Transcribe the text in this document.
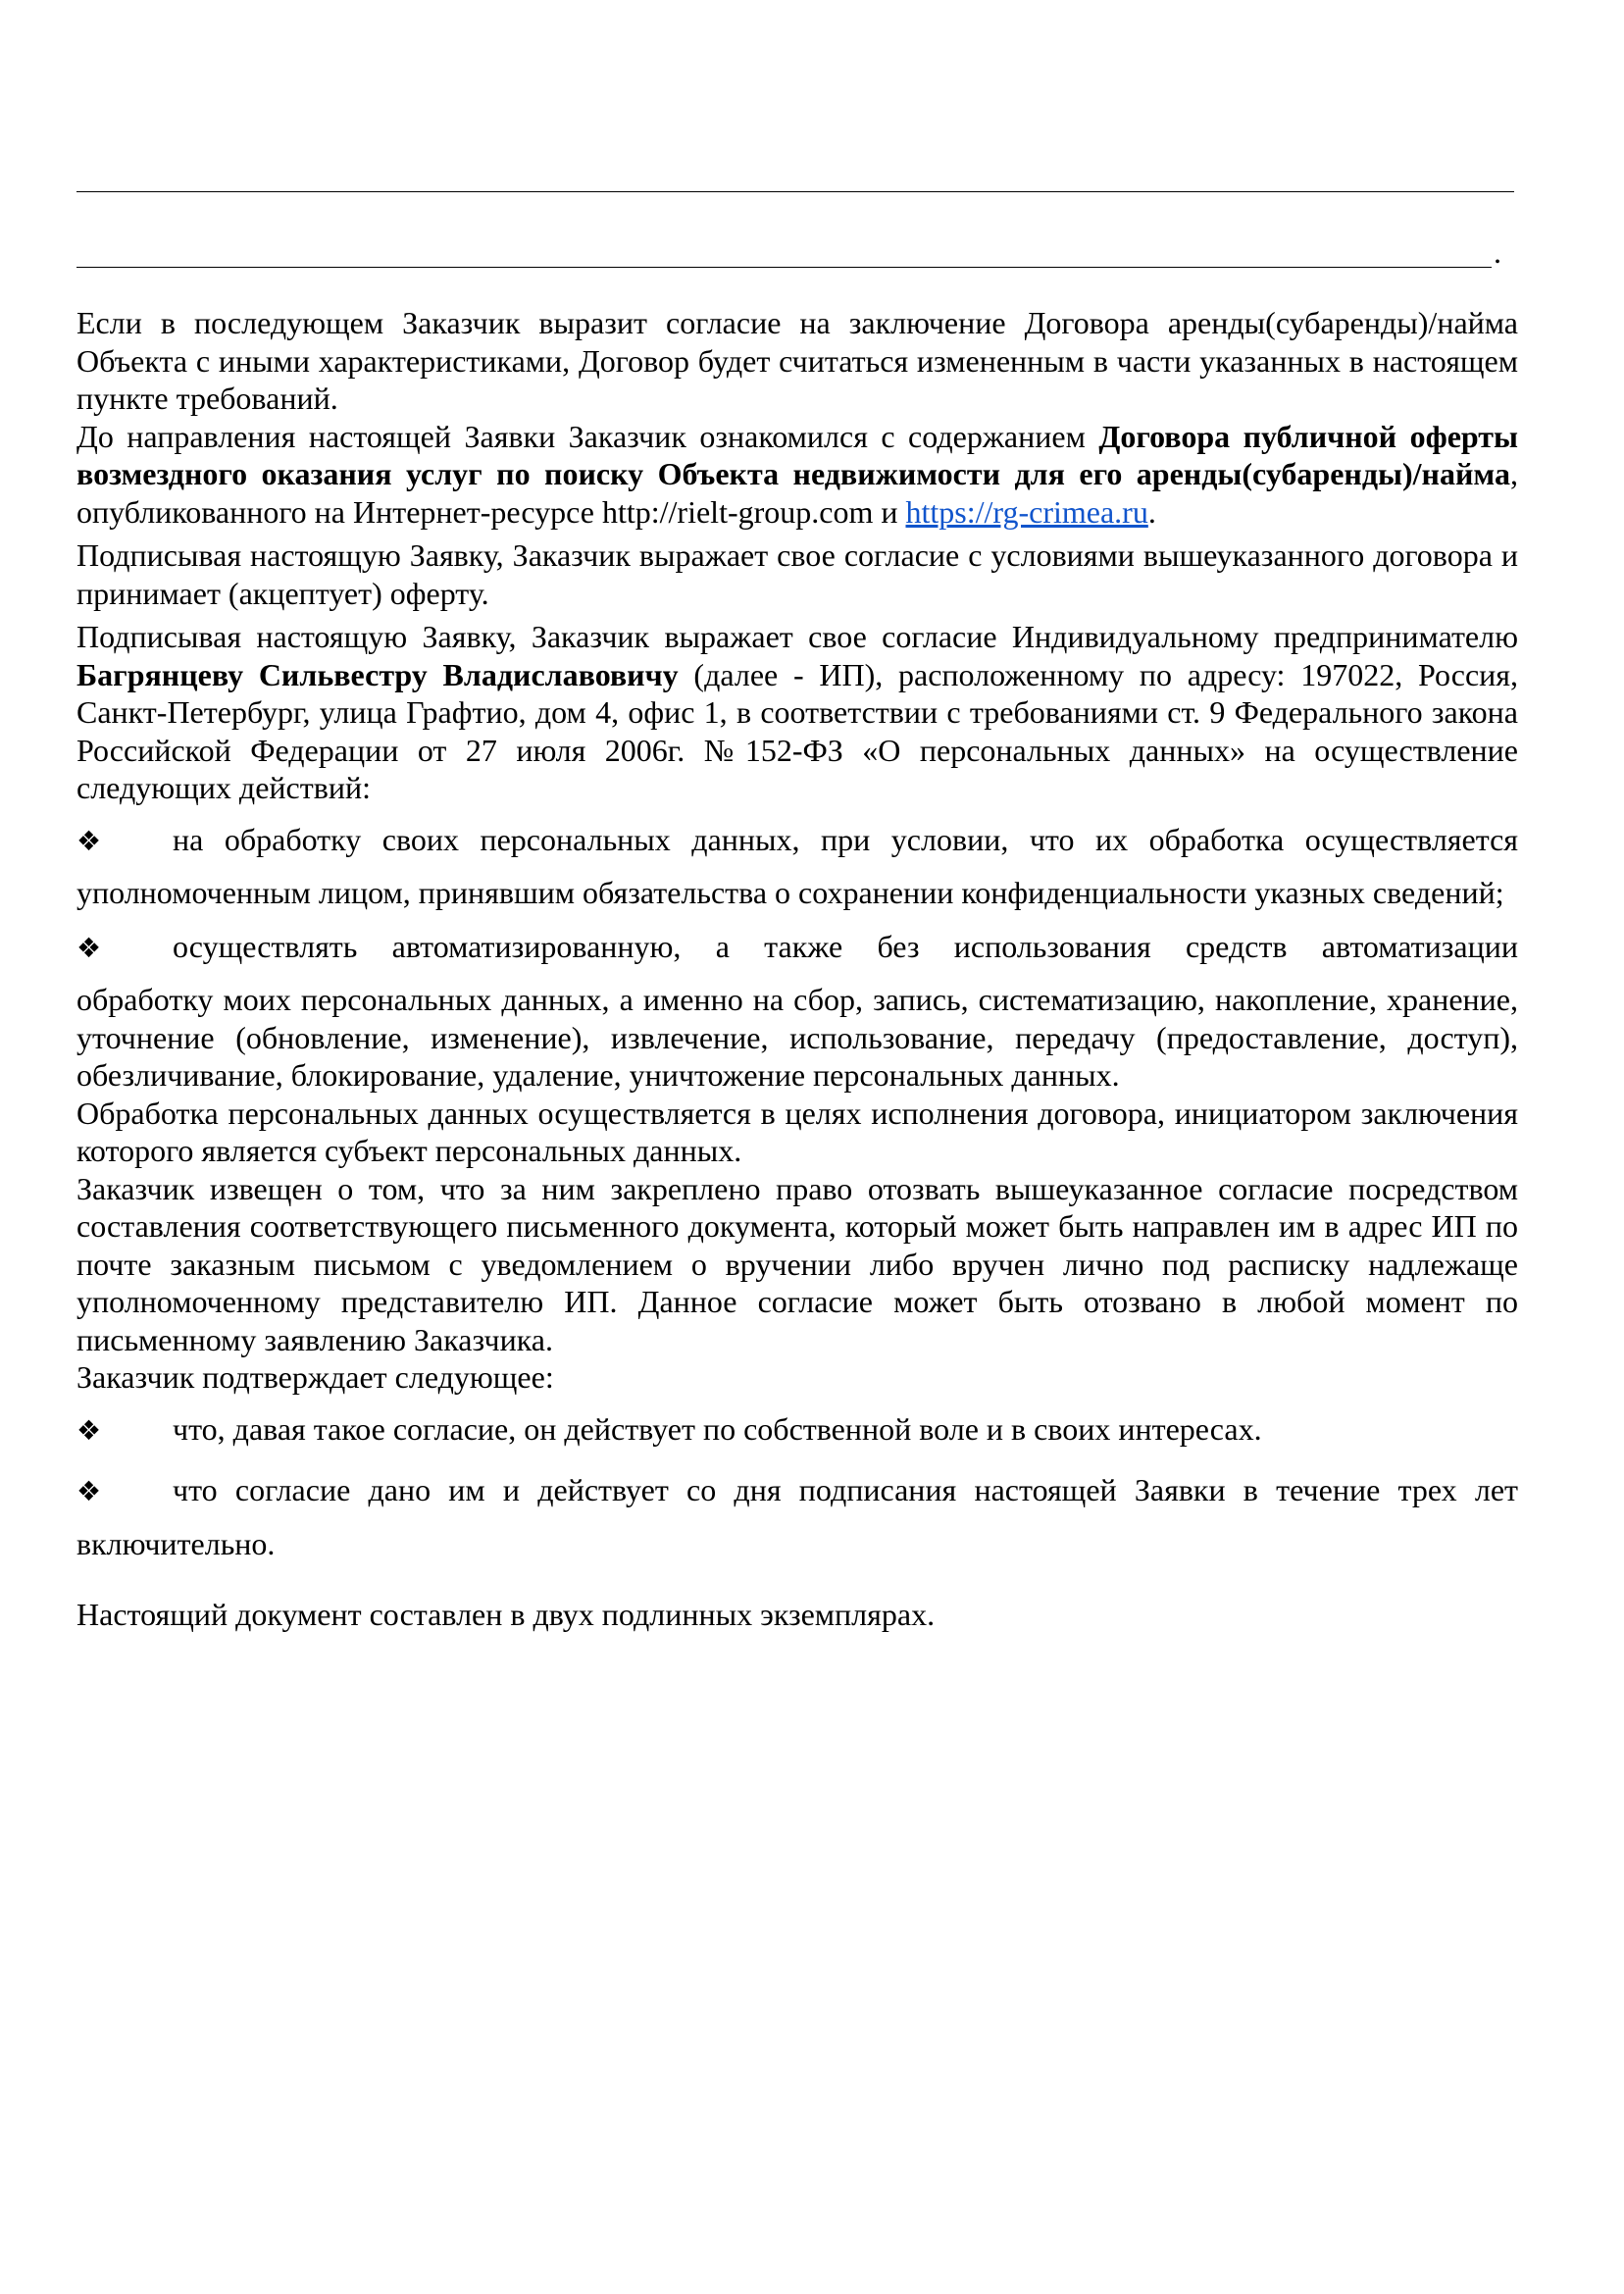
.

Если в последующем Заказчик выразит согласие на заключение Договора аренды(субаренды)/найма Объекта с иными характеристиками, Договор будет считаться измененным в части указанных в настоящем пункте требований.

До направления настоящей Заявки Заказчик ознакомился с содержанием Договора публичной оферты возмездного оказания услуг по поиску Объекта недвижимости для его аренды(субаренды)/найма, опубликованного на Интернет-ресурсе http://rielt-group.com и https://rg-crimea.ru.

Подписывая настоящую Заявку, Заказчик выражает свое согласие с условиями вышеуказанного договора и принимает (акцептует) оферту.

Подписывая настоящую Заявку, Заказчик выражает свое согласие Индивидуальному предпринимателю Багрянцеву Сильвестру Владиславовичу (далее - ИП), расположенному по адресу: 197022, Россия, Санкт-Петербург, улица Графтио, дом 4, офис 1, в соответствии с требованиями ст. 9 Федерального закона Российской Федерации от 27 июля 2006г. №152-ФЗ «О персональных данных» на осуществление следующих действий:

❖ на обработку своих персональных данных, при условии, что их обработка осуществляется
уполномоченным лицом, принявшим обязательства о сохранении конфиденциальности указных сведений;
❖ осуществлять автоматизированную, а также без использования средств автоматизации
обработку моих персональных данных, а именно на сбор, запись, систематизацию, накопление, хранение, уточнение (обновление, изменение), извлечение, использование, передачу (предоставление, доступ), обезличивание, блокирование, удаление, уничтожение персональных данных.

Обработка персональных данных осуществляется в целях исполнения договора, инициатором заключения которого является субъект персональных данных.

Заказчик извещен о том, что за ним закреплено право отозвать вышеуказанное согласие посредством составления соответствующего письменного документа, который может быть направлен им в адрес ИП по почте заказным письмом с уведомлением о вручении либо вручен лично под расписку надлежаще уполномоченному представителю ИП. Данное согласие может быть отозвано в любой момент по письменному заявлению Заказчика.

Заказчик подтверждает следующее:

❖ что, давая такое согласие, он действует по собственной воле и в своих интересах.
❖ что согласие дано им и действует со дня подписания настоящей Заявки в течение трех лет
включительно.

Настоящий документ составлен в двух подлинных экземплярах.
